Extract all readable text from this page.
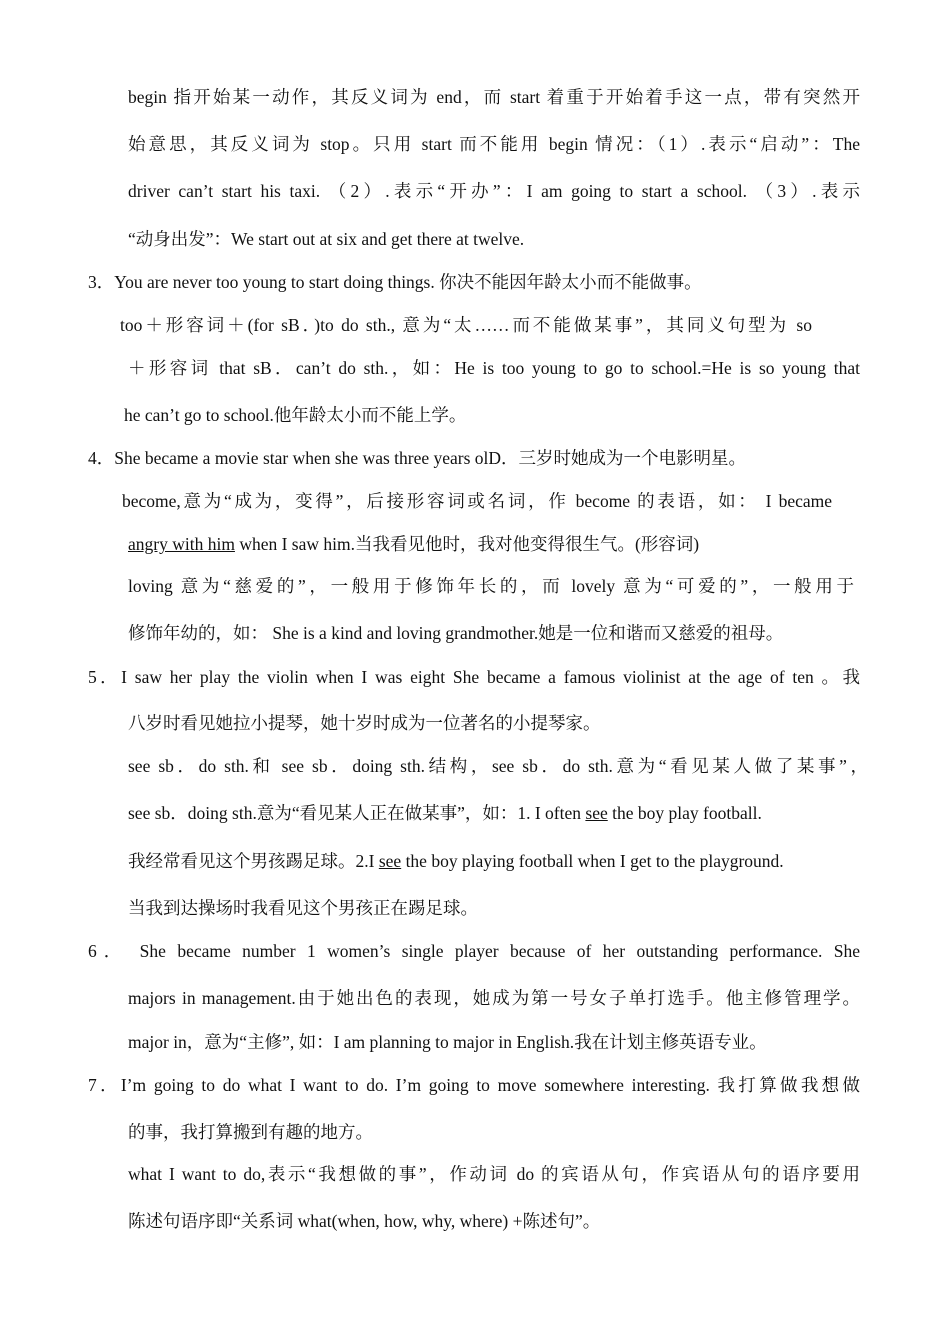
begin 指开始某一动作，其反义词为 end，而 start 着重于开始着手这一点，带有突然开
始意思，其反义词为 stop。只用 start 而不能用 begin 情况：（1）.表示“启动”：The
driver can’t start his taxi. （2）.表示“开办”：I am going to start a school. （3）.表示
“动身出发”：We start out at six and get there at twelve.
3．You are never too young to start doing things. 你决不能因年龄太小而不能做事。
too＋形容词＋(for sB．)to do sth., 意为“太……而不能做某事”，其同义句型为 so
＋形容词 that sB．can’t do sth.，如：He is too young to go to school.=He is so young that
he can’t go to school.他年龄太小而不能上学。
4．She became a movie star when she was three years olD．三岁时她成为一个电影明星。
become,意为“成为，变得”，后接形容词或名词，作 become 的表语，如： I became
angry with him when I saw him.当我看见他时，我对他变得很生气。(形容词)
loving 意为“慈爱的”，一般用于修饰年长的，而 lovely 意为“可爱的”，一般用于
修饰年幼的，如： She is a kind and loving grandmother.她是一位和谐而又慈爱的祖母。
5．I saw her play the violin when I was eight She became a famous violinist at the age of ten 。我
八岁时看见她拉小提琴，她十岁时成为一位著名的小提琴家。
see sb．do sth.和 see sb．doing sth.结构，see sb．do sth.意为“看见某人做了某事”，
see sb．doing sth.意为“看见某人正在做某事”，如：1. I often see the boy play football.
我经常看见这个男孩踢足球。2.I see the boy playing football when I get to the playground.
当我到达操场时我看见这个男孩正在踢足球。
6． She became number 1 women’s single player because of her outstanding performance. She
majors in management.由于她出色的表现，她成为第一号女子单打选手。他主修管理学。
major in，意为“主修”, 如：I am planning to major in English.我在计划主修英语专业。
7．I’m going to do what I want to do. I’m going to move somewhere interesting. 我打算做我想做
的事，我打算搬到有趣的地方。
what I want to do,表示“我想做的事”，作动词 do 的宾语从句，作宾语从句的语序要用
陈述句语序即“关系词 what(when, how, why, where) +陈述句”。
